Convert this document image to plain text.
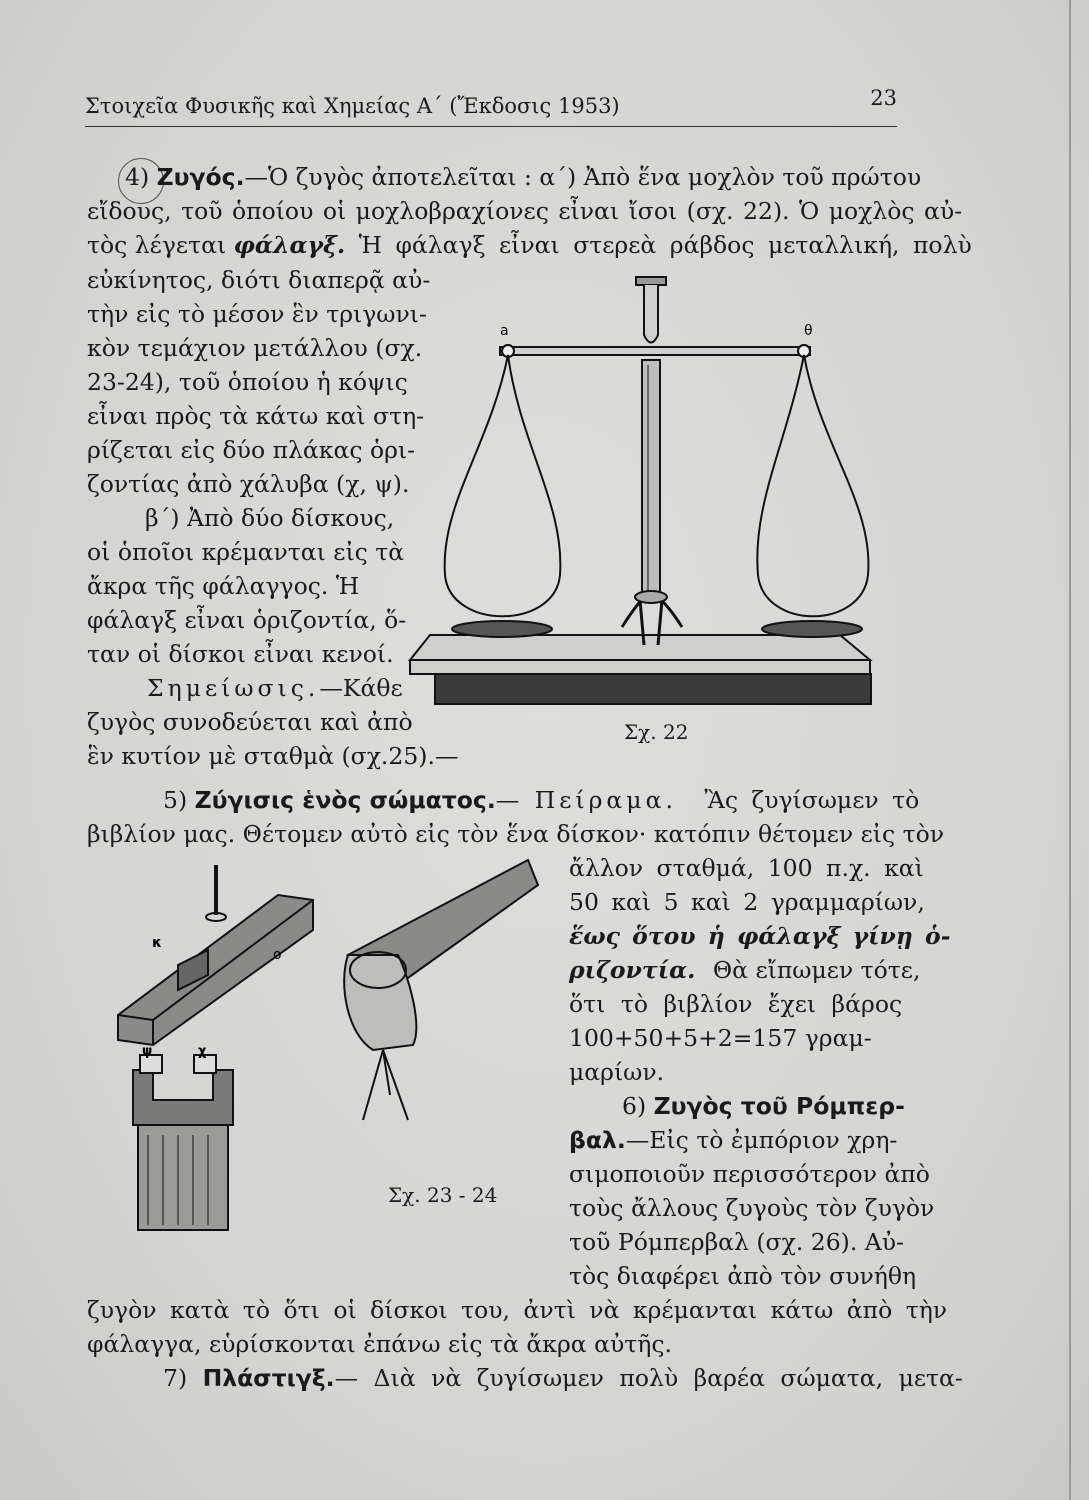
Στοιχεῖα Φυσικῆς καὶ Χημείας Α΄ (Ἔκδοσις 1953)	23
4) Ζυγός.—Ὁ ζυγὸς ἀποτελεῖται : α΄) Ἀπὸ ἕνα μοχλὸν τοῦ πρώτου
εἴδους, τοῦ ὁποίου οἱ μοχλοβραχίονες εἶναι ἴσοι (σχ. 22). Ὁ μοχλὸς αὐ-
τὸς λέγεται φάλαγξ. Ἡ φάλαγξ εἶναι στερεὰ ράβδος μεταλλική, πολὺ
εὐκίνητος, διότι διαπερᾷ αὐ-
τὴν εἰς τὸ μέσον ἓν τριγωνι-
κὸν τεμάχιον μετάλλου (σχ.
23-24), τοῦ ὁποίου ἡ κόψις
εἶναι πρὸς τὰ κάτω καὶ στη-
ρίζεται εἰς δύο πλάκας ὁρι-
ζοντίας ἀπὸ χάλυβα (χ, ψ).
β΄) Ἀπὸ δύο δίσκους,
οἱ ὁποῖοι κρέμανται εἰς τὰ
ἄκρα τῆς φάλαγγος. Ἡ
φάλαγξ εἶναι ὁριζοντία, ὅ-
ταν οἱ δίσκοι εἶναι κενοί.
Σημείωσις.—Κάθε
ζυγὸς συνοδεύεται καὶ ἀπὸ
ἓν κυτίον μὲ σταθμὰ (σχ.25).—
a	θ
Σχ. 22
5) Ζύγισις ἑνὸς σώματος.— Πείραμα. Ἂς ζυγίσωμεν τὸ
βιβλίον μας. Θέτομεν αὐτὸ εἰς τὸν ἕνα δίσκον· κατόπιν θέτομεν εἰς τὸν
ἄλλον σταθμά, 100 π.χ. καὶ
50 καὶ 5 καὶ 2 γραμμαρίων,
ἕως ὅτου ἡ φάλαγξ γίνῃ ὁ-
ριζοντία. Θὰ εἴπωμεν τότε,
ὅτι τὸ βιβλίον ἔχει βάρος
100+50+5+2=157 γραμ-
μαρίων.
κ
ο
ψ	χ
Σχ. 23 - 24
6) Ζυγὸς τοῦ Ρόμπερ-
βαλ.—Εἰς τὸ ἐμπόριον χρη-
σιμοποιοῦν περισσότερον ἀπὸ
τοὺς ἄλλους ζυγοὺς τὸν ζυγὸν
τοῦ Ρόμπερβαλ (σχ. 26). Αὐ-
τὸς διαφέρει ἀπὸ τὸν συνήθη
ζυγὸν κατὰ τὸ ὅτι οἱ δίσκοι του, ἀντὶ νὰ κρέμανται κάτω ἀπὸ τὴν
φάλαγγα, εὑρίσκονται ἐπάνω εἰς τὰ ἄκρα αὐτῆς.
7) Πλάστιγξ.— Διὰ νὰ ζυγίσωμεν πολὺ βαρέα σώματα, μετα-
